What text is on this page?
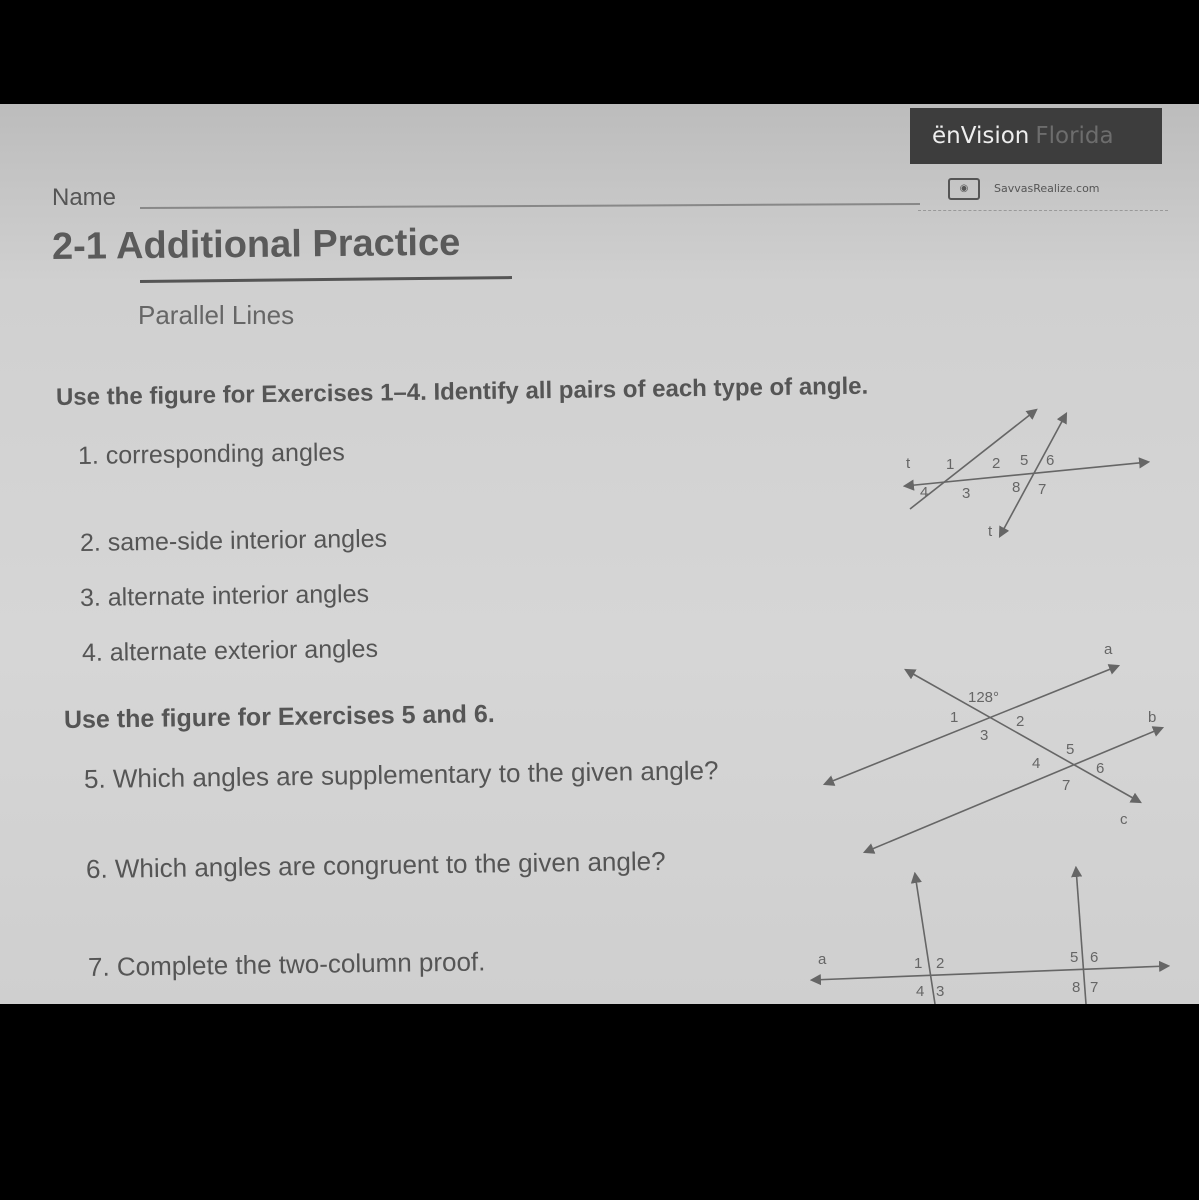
ënVision Florida
◉ SavvasRealize.com
Name
2-1 Additional Practice
Parallel Lines
Use the figure for Exercises 1–4. Identify all pairs of each type of angle.
1. corresponding angles
2. same-side interior angles
3. alternate interior angles
4. alternate exterior angles
Use the figure for Exercises 5 and 6.
5. Which angles are supplementary to the given angle?
6. Which angles are congruent to the given angle?
7. Complete the two-column proof.
t
t
1	2
3
4
5 6
7
8
128°
a
b
c
1	2
3
4
5
6
7
a	1 2
3
4
5 6
7
8
